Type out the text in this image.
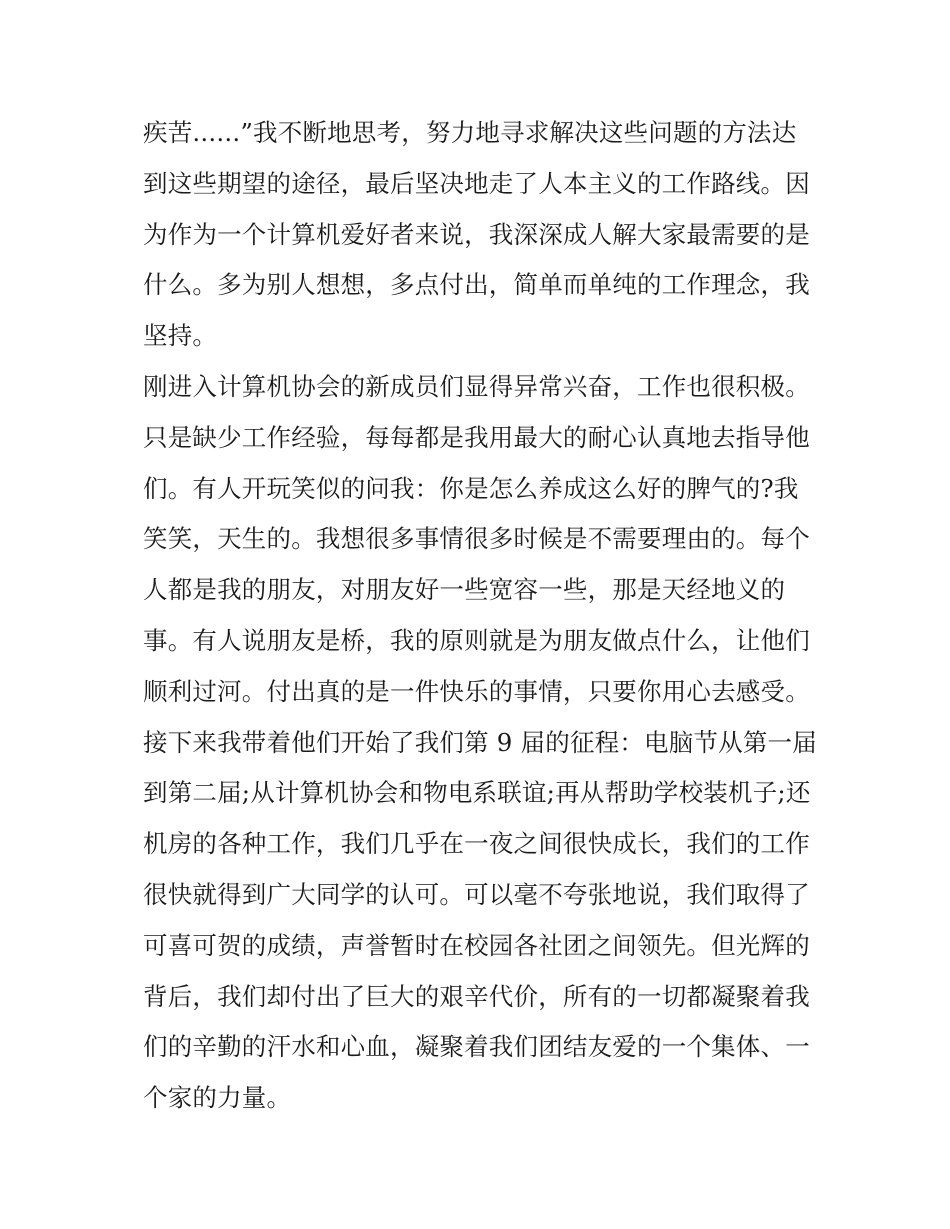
疾苦......”我不断地思考，努力地寻求解决这些问题的方法达
到这些期望的途径，最后坚决地走了人本主义的工作路线。因
为作为一个计算机爱好者来说，我深深成人解大家最需要的是
什么。多为别人想想，多点付出，简单而单纯的工作理念，我
坚持。
刚进入计算机协会的新成员们显得异常兴奋，工作也很积极。
只是缺少工作经验，每每都是我用最大的耐心认真地去指导他
们。有人开玩笑似的问我：你是怎么养成这么好的脾气的?我
笑笑，天生的。我想很多事情很多时候是不需要理由的。每个
人都是我的朋友，对朋友好一些宽容一些，那是天经地义的
事。有人说朋友是桥，我的原则就是为朋友做点什么，让他们
顺利过河。付出真的是一件快乐的事情，只要你用心去感受。
接下来我带着他们开始了我们第 9 届的征程：电脑节从第一届
到第二届;从计算机协会和物电系联谊;再从帮助学校装机子;还
机房的各种工作，我们几乎在一夜之间很快成长，我们的工作
很快就得到广大同学的认可。可以毫不夸张地说，我们取得了
可喜可贺的成绩，声誉暂时在校园各社团之间领先。但光辉的
背后，我们却付出了巨大的艰辛代价，所有的一切都凝聚着我
们的辛勤的汗水和心血，凝聚着我们团结友爱的一个集体、一
个家的力量。
